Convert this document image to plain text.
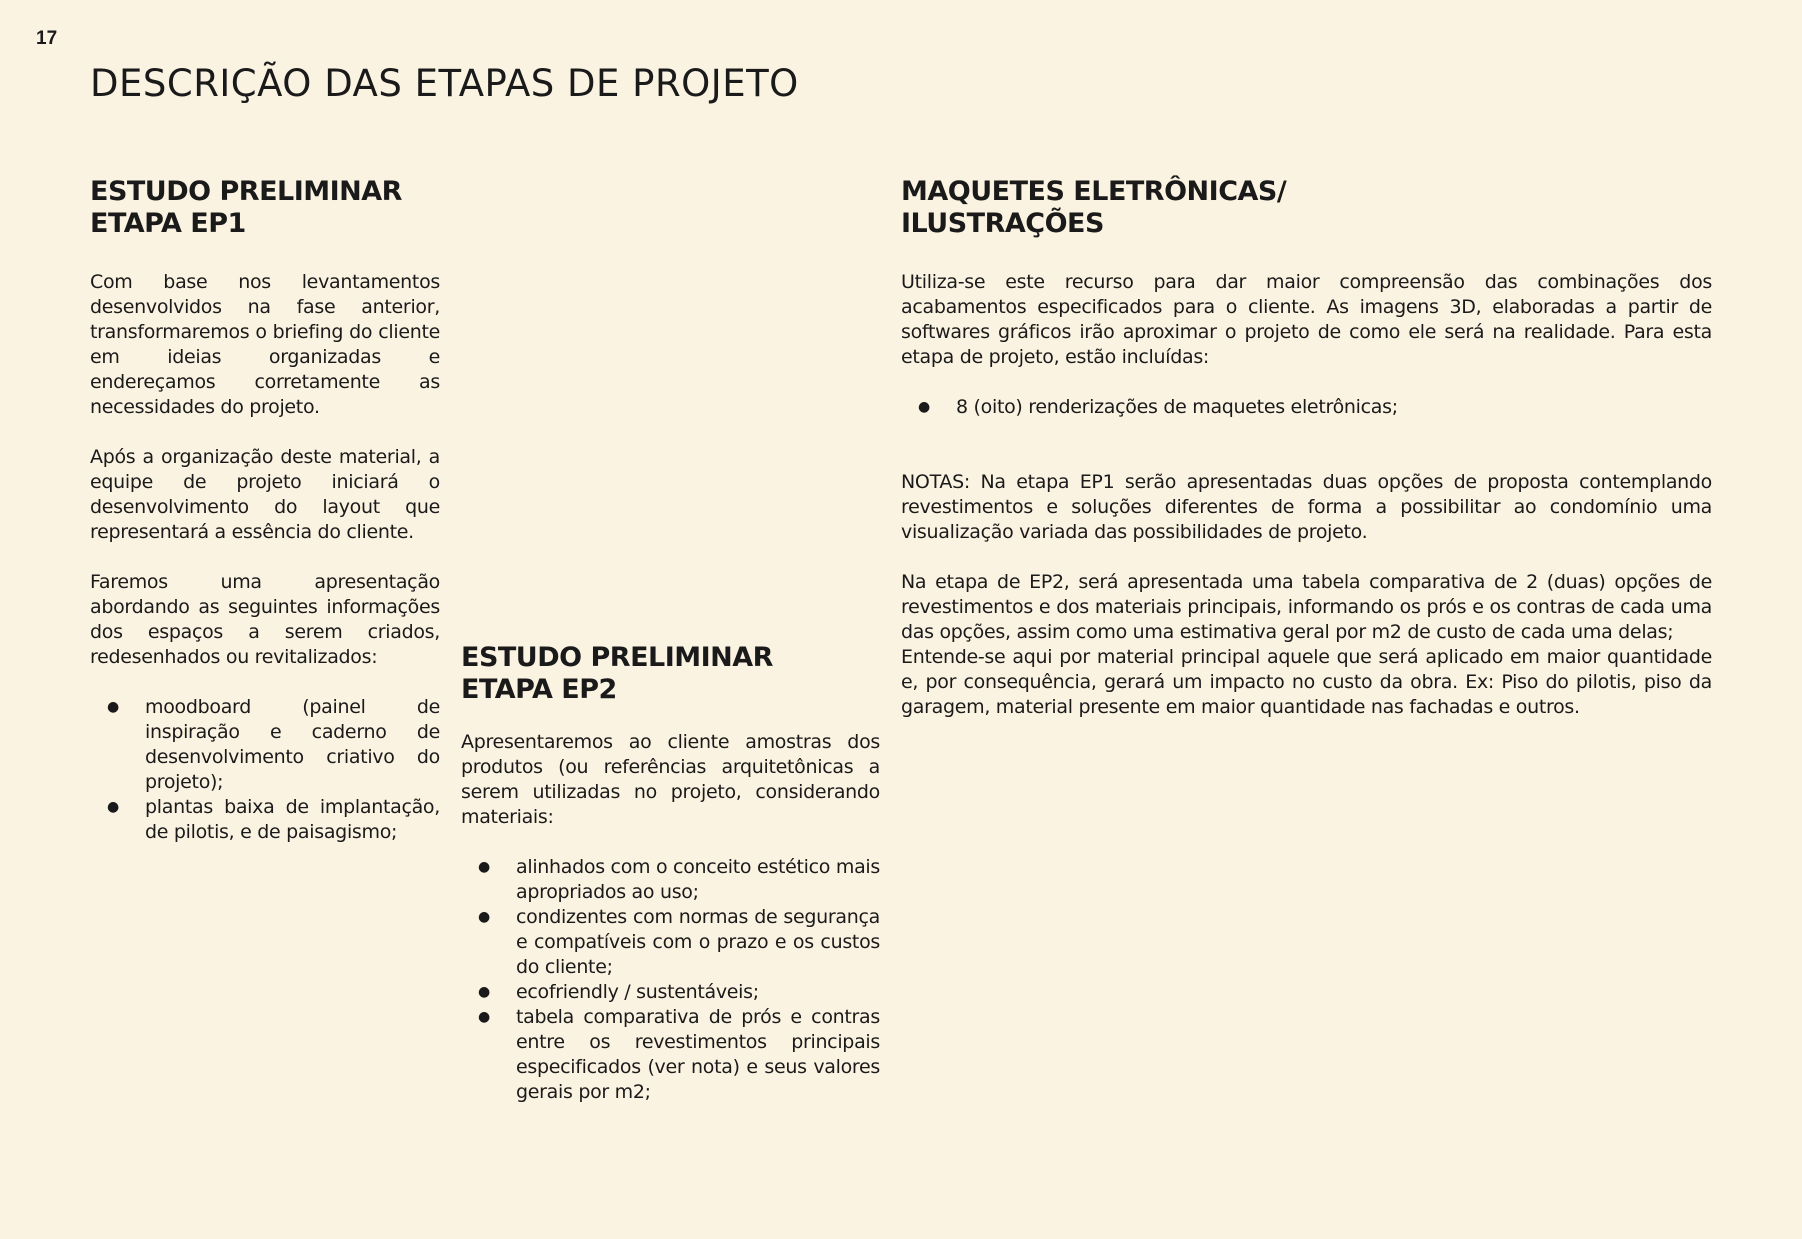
17
DESCRIÇÃO DAS ETAPAS DE PROJETO
ESTUDO PRELIMINAR
ETAPA EP1

Com base nos levantamentos desenvolvidos na fase anterior, transformaremos o briefing do cliente em ideias organizadas e endereçamos corretamente as necessidades do projeto.

Após a organização deste material, a equipe de projeto iniciará o desenvolvimento do layout que representará a essência do cliente.

Faremos uma apresentação abordando as seguintes informações dos espaços a serem criados, redesenhados ou revitalizados:

● moodboard (painel de inspiração e caderno de desenvolvimento criativo do projeto);
● plantas baixa de implantação, de pilotis, e de paisagismo;
ESTUDO PRELIMINAR
ETAPA EP2

Apresentaremos ao cliente amostras dos produtos (ou referências arquitetônicas a serem utilizadas no projeto, considerando materiais:

● alinhados com o conceito estético mais apropriados ao uso;
● condizentes com normas de segurança e compatíveis com o prazo e os custos do cliente;
● ecofriendly / sustentáveis;
● tabela comparativa de prós e contras entre os revestimentos principais especificados (ver nota) e seus valores gerais por m2;
MAQUETES ELETRÔNICAS/
ILUSTRAÇÕES

Utiliza-se este recurso para dar maior compreensão das combinações dos acabamentos especificados para o cliente. As imagens 3D, elaboradas a partir de softwares gráficos irão aproximar o projeto de como ele será na realidade. Para esta etapa de projeto, estão incluídas:

● 8 (oito) renderizações de maquetes eletrônicas;

NOTAS: Na etapa EP1 serão apresentadas duas opções de proposta contemplando revestimentos e soluções diferentes de forma a possibilitar ao condomínio uma visualização variada das possibilidades de projeto.

Na etapa de EP2, será apresentada uma tabela comparativa de 2 (duas) opções de revestimentos e dos materiais principais, informando os prós e os contras de cada uma das opções, assim como uma estimativa geral por m2 de custo de cada uma delas;

Entende-se aqui por material principal aquele que será aplicado em maior quantidade e, por consequência, gerará um impacto no custo da obra. Ex: Piso do pilotis, piso da garagem, material presente em maior quantidade nas fachadas e outros.
